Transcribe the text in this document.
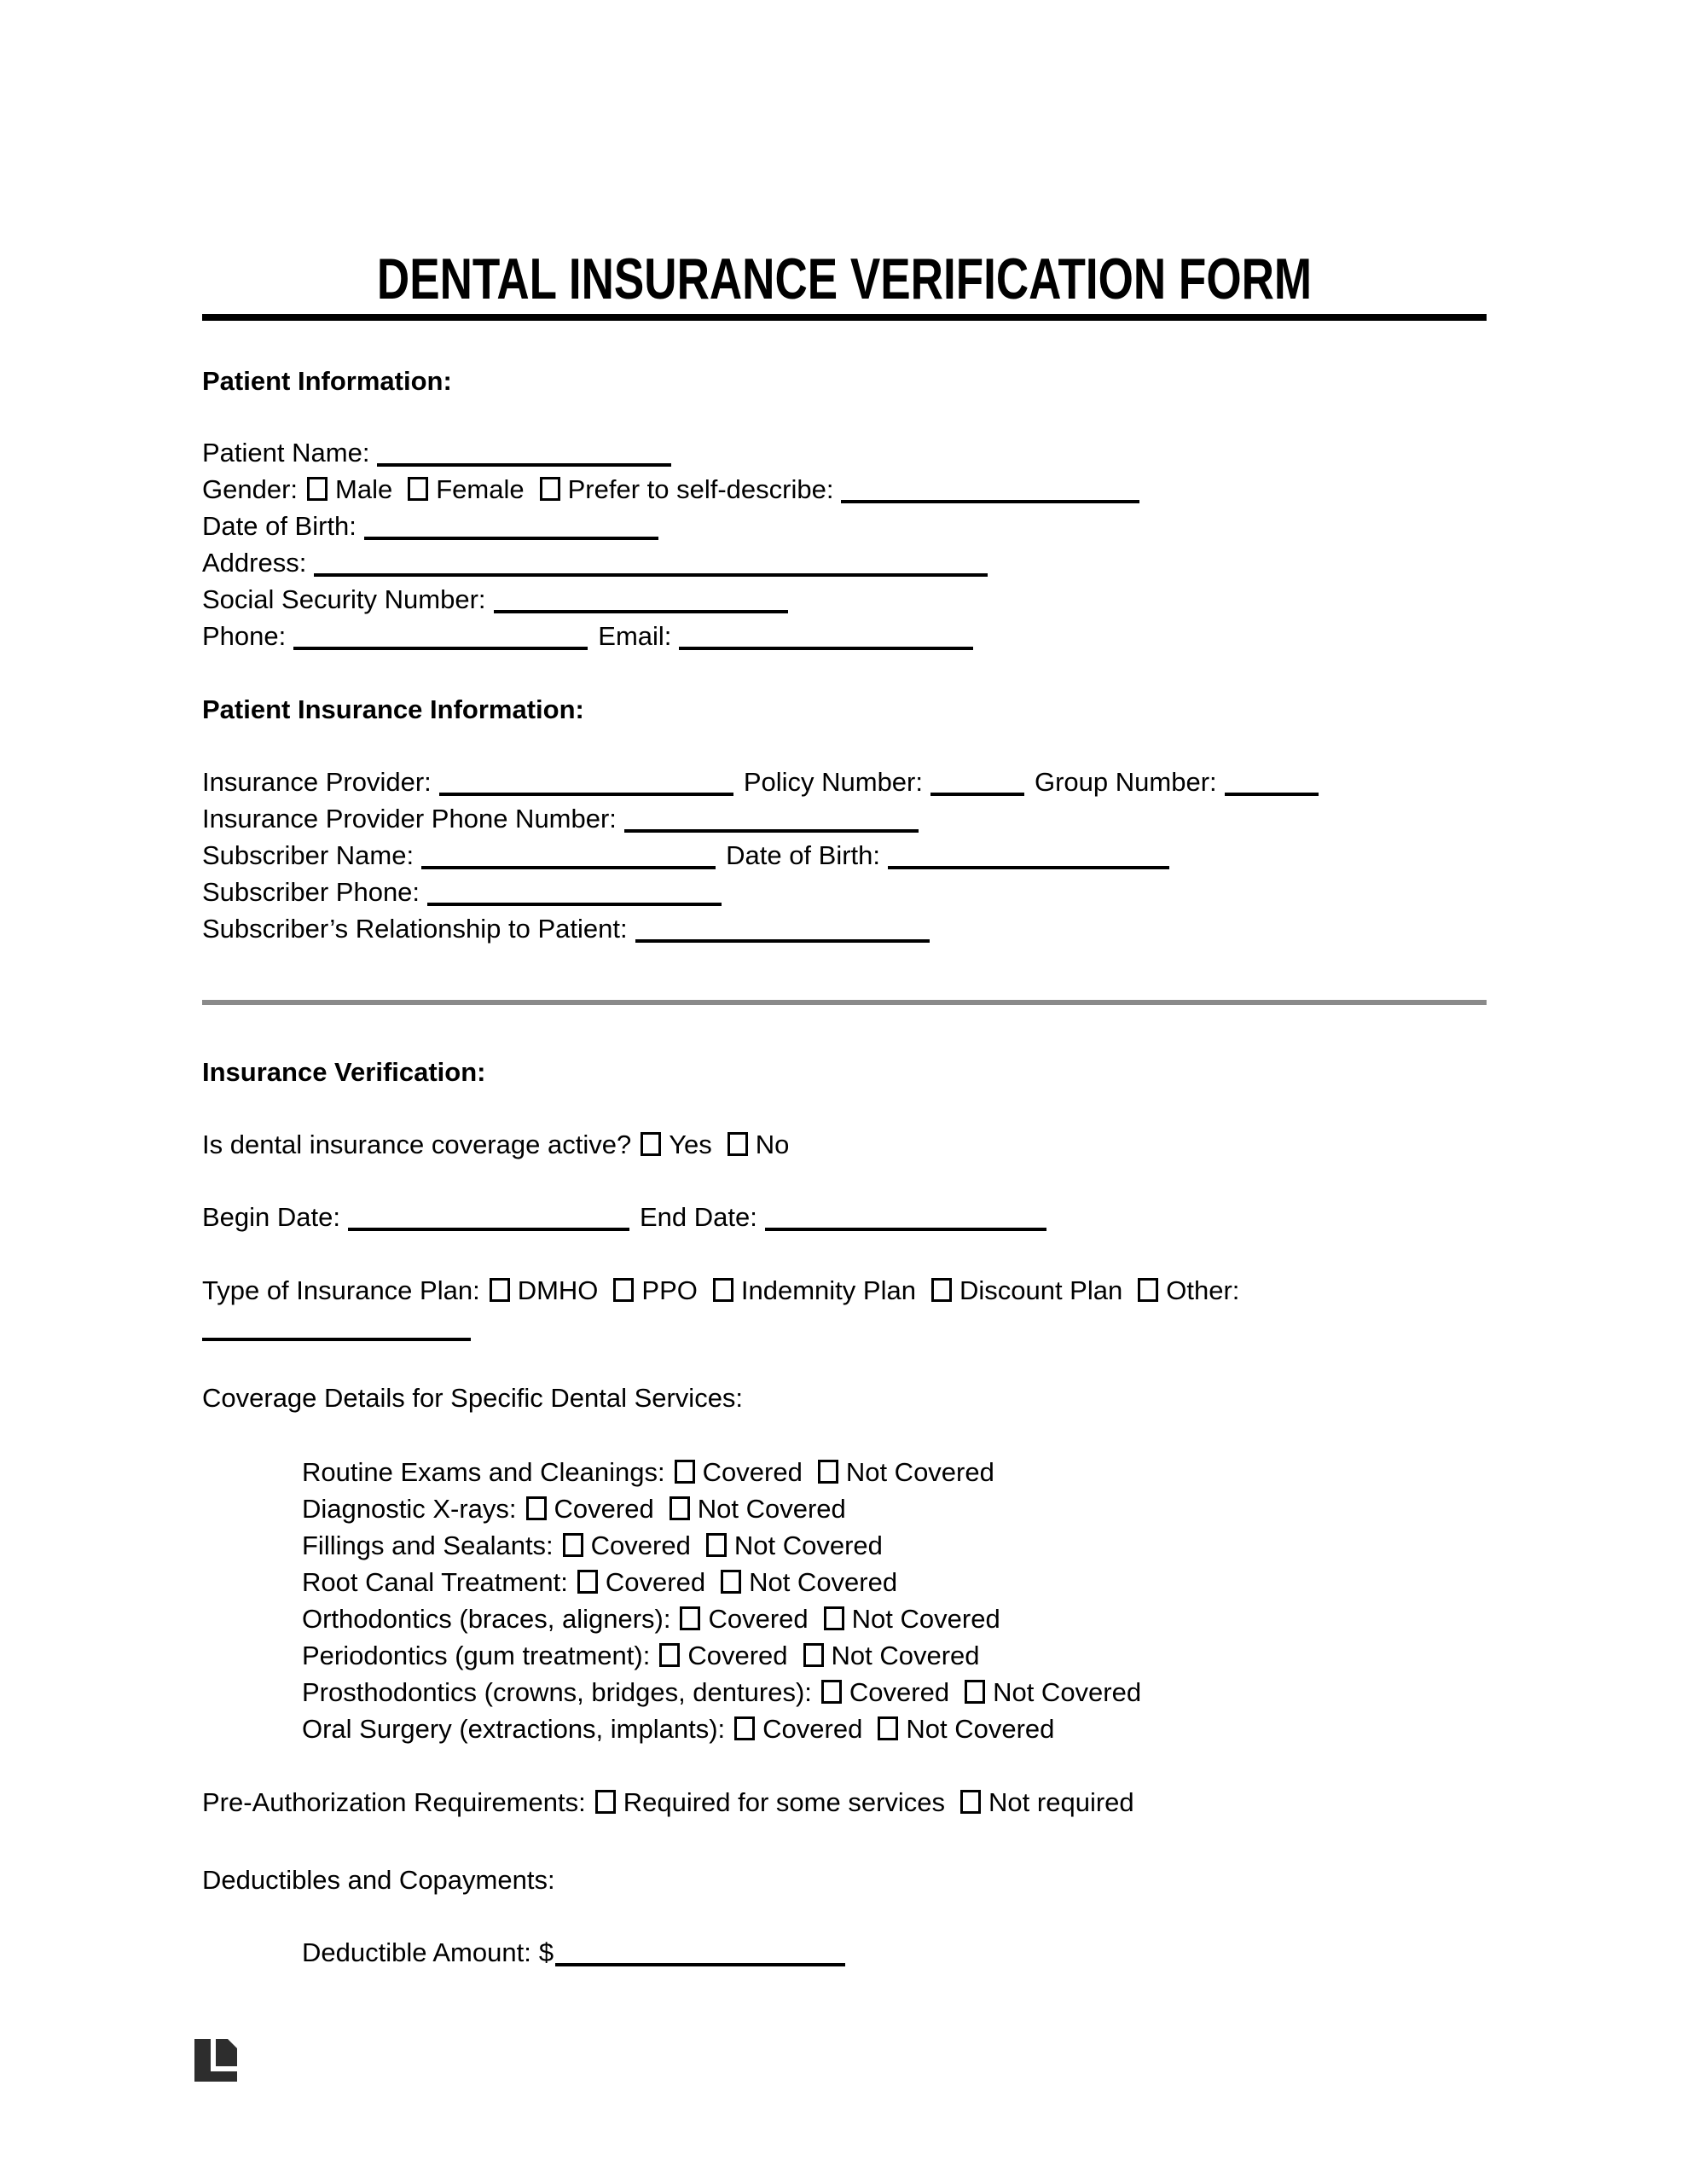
DENTAL INSURANCE VERIFICATION FORM
Patient Information:
Patient Name:
Gender: Male Female Prefer to self-describe:
Date of Birth:
Address:
Social Security Number:
Phone:	Email:
Patient Insurance Information:
Insurance Provider:	Policy Number:	Group Number:
Insurance Provider Phone Number:
Subscriber Name:	Date of Birth:
Subscriber Phone:
Subscriber’s Relationship to Patient:
Insurance Verification:
Is dental insurance coverage active? Yes No
Begin Date:	End Date:
Type of Insurance Plan: DMHO PPO Indemnity Plan Discount Plan Other:
Coverage Details for Specific Dental Services:
Routine Exams and Cleanings: Covered Not Covered
Diagnostic X-rays: Covered Not Covered
Fillings and Sealants: Covered Not Covered
Root Canal Treatment: Covered Not Covered
Orthodontics (braces, aligners): Covered Not Covered
Periodontics (gum treatment): Covered Not Covered
Prosthodontics (crowns, bridges, dentures): Covered Not Covered
Oral Surgery (extractions, implants): Covered Not Covered
Pre-Authorization Requirements: Required for some services Not required
Deductibles and Copayments:
Deductible Amount: $
